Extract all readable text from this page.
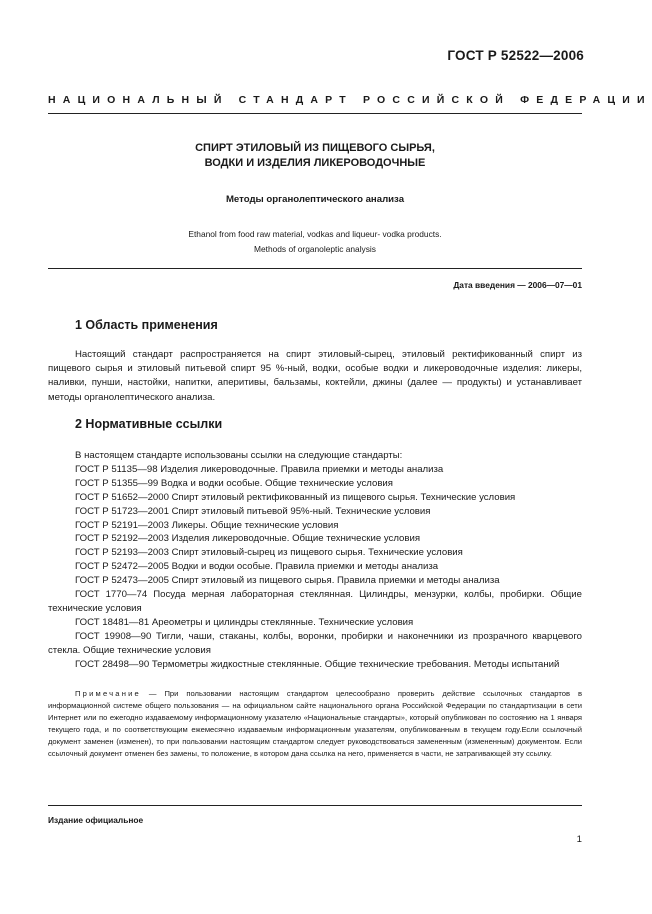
ГОСТ Р 52522—2006
НАЦИОНАЛЬНЫЙ СТАНДАРТ РОССИЙСКОЙ ФЕДЕРАЦИИ
СПИРТ ЭТИЛОВЫЙ ИЗ ПИЩЕВОГО СЫРЬЯ,
ВОДКИ И ИЗДЕЛИЯ ЛИКЕРОВОДОЧНЫЕ
Методы органолептического анализа
Ethanol from food raw material, vodkas and liqueur- vodka products.
Methods of organoleptic analysis
Дата введения — 2006—07—01
1 Область применения
Настоящий стандарт распространяется на спирт этиловый-сырец, этиловый ректификованный спирт из пищевого сырья и этиловый питьевой спирт 95 %-ный, водки, особые водки и ликероводочные изделия: ликеры, наливки, пунши, настойки, напитки, аперитивы, бальзамы, коктейли, джины (далее — продукты) и устанавливает методы органолептического анализа.
2 Нормативные ссылки
В настоящем стандарте использованы ссылки на следующие стандарты:
ГОСТ Р 51135—98 Изделия ликероводочные. Правила приемки и методы анализа
ГОСТ Р 51355—99 Водка и водки особые. Общие технические условия
ГОСТ Р 51652—2000 Спирт этиловый ректификованный из пищевого сырья. Технические условия
ГОСТ Р 51723—2001 Спирт этиловый питьевой 95%-ный. Технические условия
ГОСТ Р 52191—2003 Ликеры. Общие технические условия
ГОСТ Р 52192—2003 Изделия ликероводочные. Общие технические условия
ГОСТ Р 52193—2003 Спирт этиловый-сырец из пищевого сырья. Технические условия
ГОСТ Р 52472—2005 Водки и водки особые. Правила приемки и методы анализа
ГОСТ Р 52473—2005 Спирт этиловый из пищевого сырья. Правила приемки и методы анализа
ГОСТ 1770—74 Посуда мерная лабораторная стеклянная. Цилиндры, мензурки, колбы, пробирки. Общие технические условия
ГОСТ 18481—81 Ареометры и цилиндры стеклянные. Технические условия
ГОСТ 19908—90 Тигли, чаши, стаканы, колбы, воронки, пробирки и наконечники из прозрачного кварцевого стекла. Общие технические условия
ГОСТ 28498—90 Термометры жидкостные стеклянные. Общие технические требования. Методы испытаний
Примечание — При пользовании настоящим стандартом целесообразно проверить действие ссылочных стандартов в информационной системе общего пользования — на официальном сайте национального органа Российской Федерации по стандартизации в сети Интернет или по ежегодно издаваемому информационному указателю «Национальные стандарты», который опубликован по состоянию на 1 января текущего года, и по соответствующим ежемесячно издаваемым информационным указателям, опубликованным в текущем году.Если ссылочный документ заменен (изменен), то при пользовании настоящим стандартом следует руководствоваться замененным (измененным) документом. Если ссылочный документ отменен без замены, то положение, в котором дана ссылка на него, применяется в части, не затрагивающей эту ссылку.
Издание официальное
1
